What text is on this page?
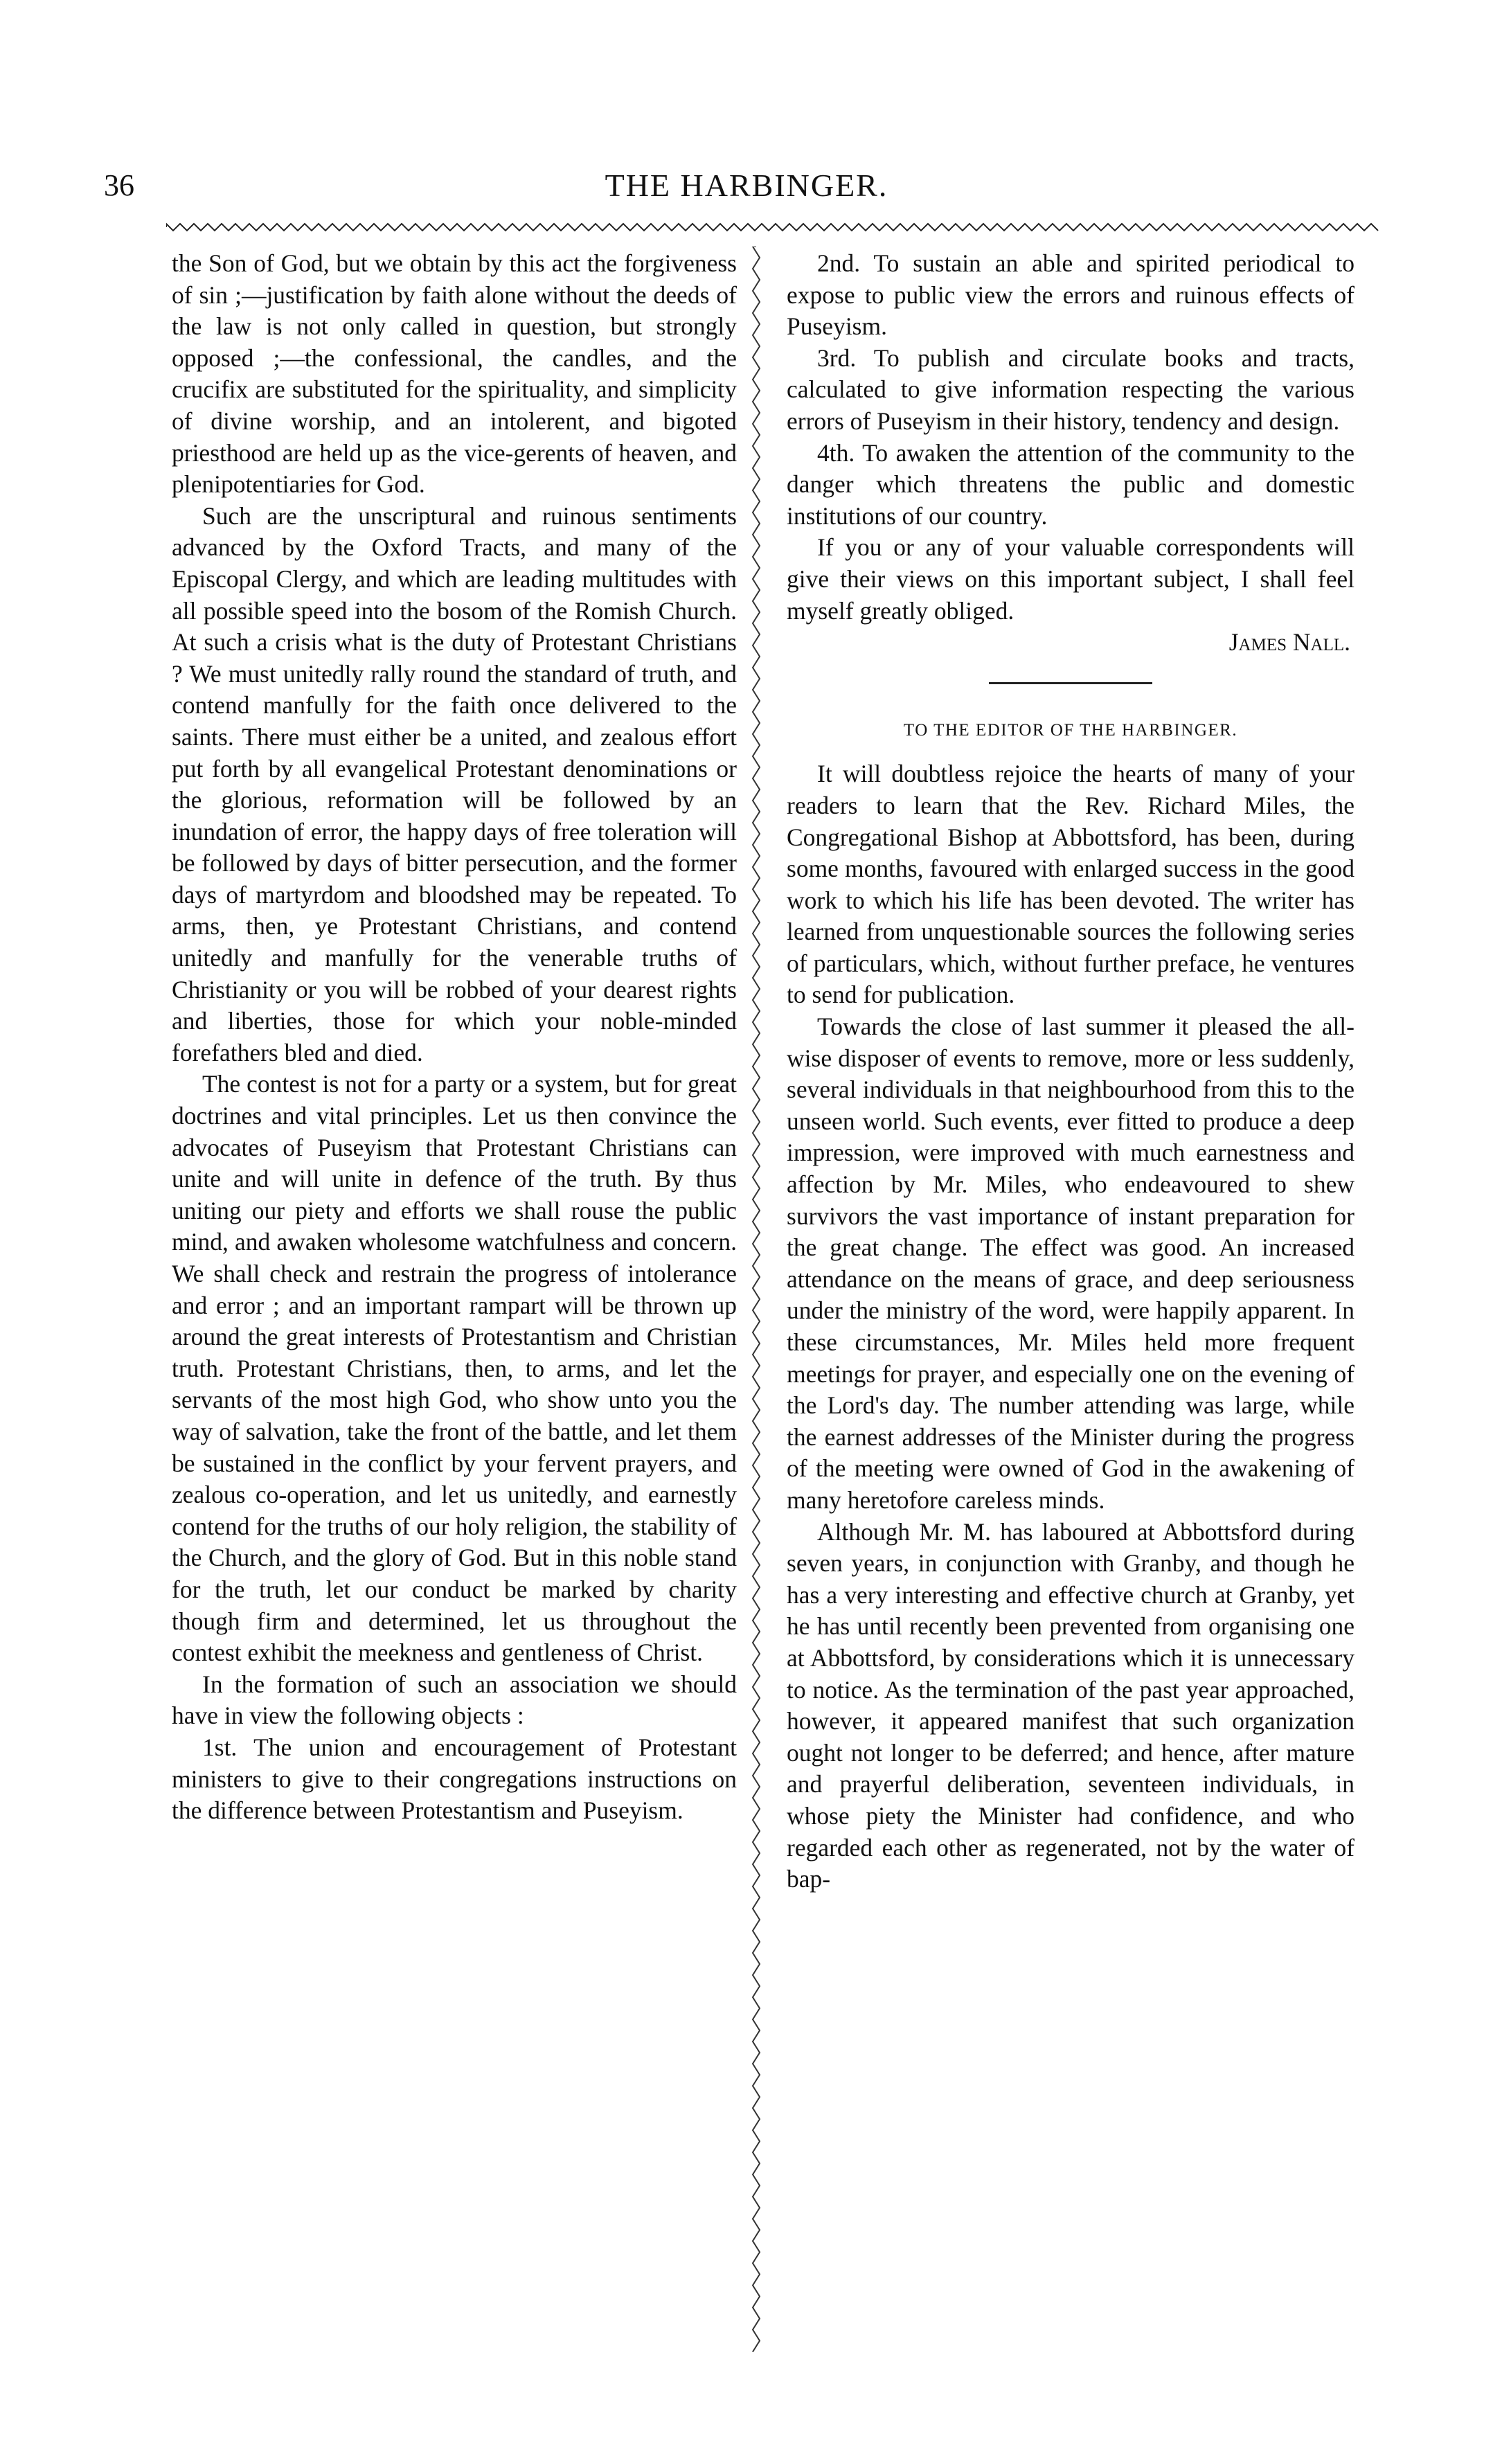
36	THE HARBINGER.

the Son of God, but we obtain by this act the forgiveness of sin ;—justification by faith alone without the deeds of the law is not only called in question, but strongly opposed ;—the confessional, the candles, and the crucifix are substituted for the spirituality, and simplicity of divine worship, and an intolerent, and bigoted priesthood are held up as the vice-gerents of heaven, and plenipotentiaries for God.

Such are the unscriptural and ruinous sentiments advanced by the Oxford Tracts, and many of the Episcopal Clergy, and which are leading multitudes with all possible speed into the bosom of the Romish Church. At such a crisis what is the duty of Protestant Christians ? We must unitedly rally round the standard of truth, and contend manfully for the faith once delivered to the saints. There must either be a united, and zealous effort put forth by all evangelical Protestant denominations or the glorious, reformation will be followed by an inundation of error, the happy days of free toleration will be followed by days of bitter persecution, and the former days of martyrdom and bloodshed may be repeated. To arms, then, ye Protestant Christians, and contend unitedly and manfully for the venerable truths of Christianity or you will be robbed of your dearest rights and liberties, those for which your noble-minded forefathers bled and died.

The contest is not for a party or a system, but for great doctrines and vital principles. Let us then convince the advocates of Puseyism that Protestant Christians can unite and will unite in defence of the truth. By thus uniting our piety and efforts we shall rouse the public mind, and awaken wholesome watchfulness and concern. We shall check and restrain the progress of intolerance and error ; and an important rampart will be thrown up around the great interests of Protestantism and Christian truth. Protestant Christians, then, to arms, and let the servants of the most high God, who show unto you the way of salvation, take the front of the battle, and let them be sustained in the conflict by your fervent prayers, and zealous co-operation, and let us unitedly, and earnestly contend for the truths of our holy religion, the stability of the Church, and the glory of God. But in this noble stand for the truth, let our conduct be marked by charity though firm and determined, let us throughout the contest exhibit the meekness and gentleness of Christ.

In the formation of such an association we should have in view the following objects :

1st. The union and encouragement of Protestant ministers to give to their congregations instructions on the difference between Protestantism and Puseyism.

2nd. To sustain an able and spirited periodical to expose to public view the errors and ruinous effects of Puseyism.

3rd. To publish and circulate books and tracts, calculated to give information respecting the various errors of Puseyism in their history, tendency and design.

4th. To awaken the attention of the community to the danger which threatens the public and domestic institutions of our country.

If you or any of your valuable correspondents will give their views on this important subject, I shall feel myself greatly obliged.

James Nall.

TO THE EDITOR OF THE HARBINGER.

It will doubtless rejoice the hearts of many of your readers to learn that the Rev. Richard Miles, the Congregational Bishop at Abbottsford, has been, during some months, favoured with enlarged success in the good work to which his life has been devoted. The writer has learned from unquestionable sources the following series of particulars, which, without further preface, he ventures to send for publication.

Towards the close of last summer it pleased the all-wise disposer of events to remove, more or less suddenly, several individuals in that neighbourhood from this to the unseen world. Such events, ever fitted to produce a deep impression, were improved with much earnestness and affection by Mr. Miles, who endeavoured to shew survivors the vast importance of instant preparation for the great change. The effect was good. An increased attendance on the means of grace, and deep seriousness under the ministry of the word, were happily apparent. In these circumstances, Mr. Miles held more frequent meetings for prayer, and especially one on the evening of the Lord's day. The number attending was large, while the earnest addresses of the Minister during the progress of the meeting were owned of God in the awakening of many heretofore careless minds.

Although Mr. M. has laboured at Abbottsford during seven years, in conjunction with Granby, and though he has a very interesting and effective church at Granby, yet he has until recently been prevented from organising one at Abbottsford, by considerations which it is unnecessary to notice. As the termination of the past year approached, however, it appeared manifest that such organization ought not longer to be deferred; and hence, after mature and prayerful deliberation, seventeen individuals, in whose piety the Minister had confidence, and who regarded each other as regenerated, not by the water of bap-
